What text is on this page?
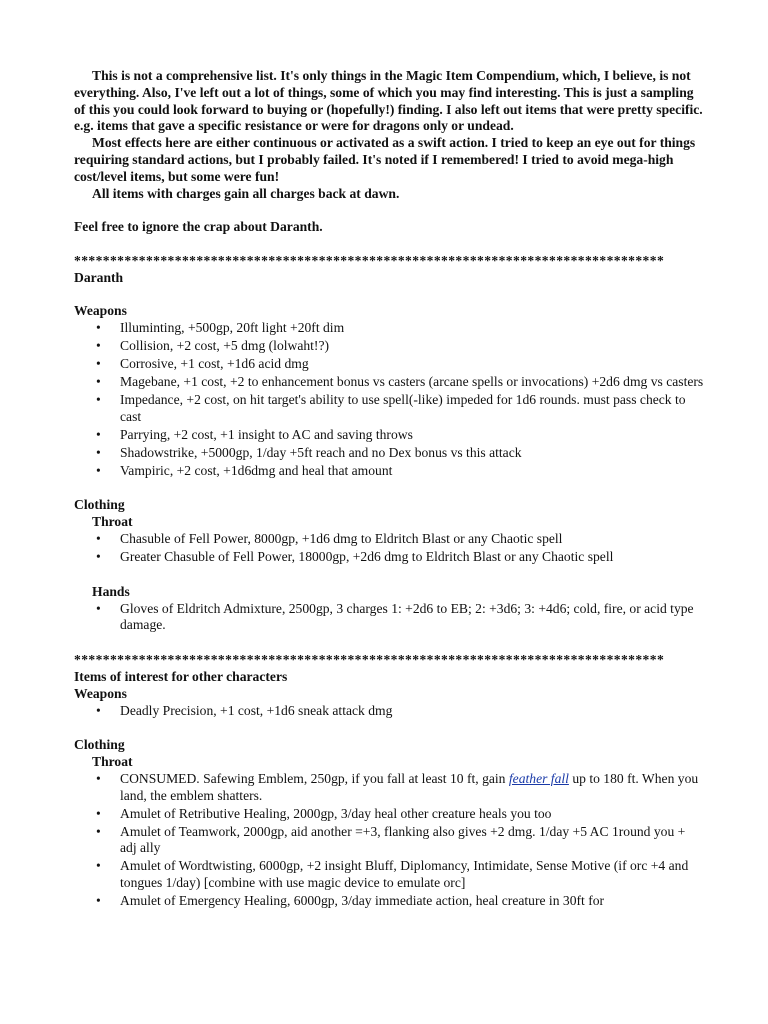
This is not a comprehensive list. It's only things in the Magic Item Compendium, which, I believe, is not everything. Also, I've left out a lot of things, some of which you may find interesting. This is just a sampling of this you could look forward to buying or (hopefully!) finding. I also left out items that were pretty specific. e.g. items that gave a specific resistance or were for dragons only or undead.

Most effects here are either continuous or activated as a swift action. I tried to keep an eye out for things requiring standard actions, but I probably failed. It's noted if I remembered! I tried to avoid mega-high cost/level items, but some were fun!

All items with charges gain all charges back at dawn.

Feel free to ignore the crap about Daranth.
**********************************************************************************
Daranth
Weapons
• Illuminting, +500gp, 20ft light +20ft dim
• Collision, +2 cost, +5 dmg (lolwaht!?)
• Corrosive, +1 cost, +1d6 acid dmg
• Magebane, +1 cost, +2 to enhancement bonus vs casters (arcane spells or invocations) +2d6 dmg vs casters
• Impedance, +2 cost, on hit target's ability to use spell(-like) impeded for 1d6 rounds. must pass check to cast
• Parrying, +2 cost, +1 insight to AC and saving throws
• Shadowstrike, +5000gp, 1/day +5ft reach and no Dex bonus vs this attack
• Vampiric, +2 cost, +1d6dmg and heal that amount
Clothing
Throat
• Chasuble of Fell Power, 8000gp, +1d6 dmg to Eldritch Blast or any Chaotic spell
• Greater Chasuble of Fell Power, 18000gp, +2d6 dmg to Eldritch Blast or any Chaotic spell
Hands
• Gloves of Eldritch Admixture, 2500gp, 3 charges 1: +2d6 to EB; 2: +3d6; 3: +4d6; cold, fire, or acid type damage.
**********************************************************************************
Items of interest for other characters
Weapons
• Deadly Precision, +1 cost, +1d6 sneak attack dmg
Clothing
Throat
• CONSUMED. Safewing Emblem, 250gp, if you fall at least 10 ft, gain feather fall up to 180 ft. When you land, the emblem shatters.
• Amulet of Retributive Healing, 2000gp, 3/day heal other creature heals you too
• Amulet of Teamwork, 2000gp, aid another =+3, flanking also gives +2 dmg. 1/day +5 AC 1round you + adj ally
• Amulet of Wordtwisting, 6000gp, +2 insight Bluff, Diplomancy, Intimidate, Sense Motive (if orc +4 and tongues 1/day) [combine with use magic device to emulate orc]
• Amulet of Emergency Healing, 6000gp, 3/day immediate action, heal creature in 30ft for
